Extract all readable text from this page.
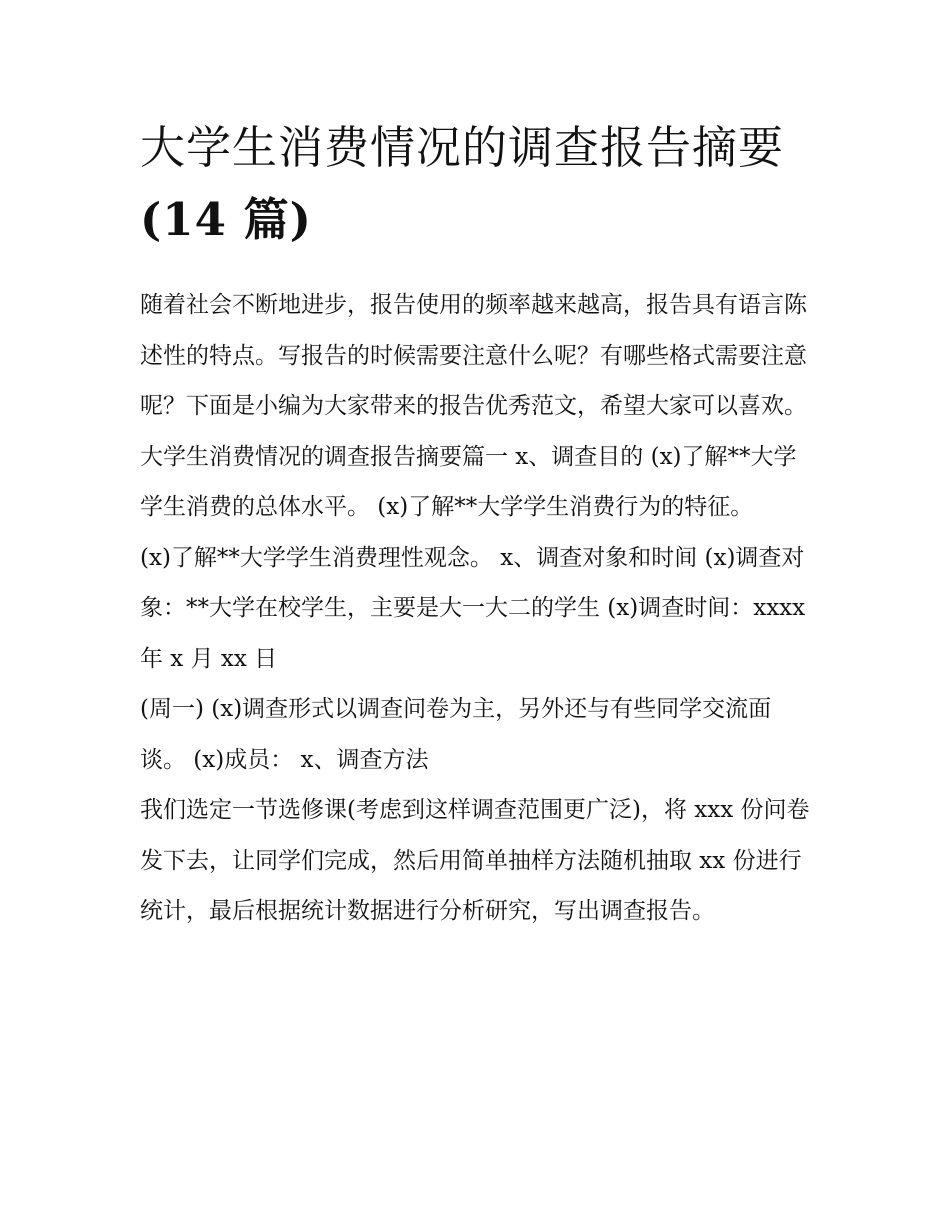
大学生消费情况的调查报告摘要(14 篇)

随着社会不断地进步，报告使用的频率越来越高，报告具有语言陈述性的特点。写报告的时候需要注意什么呢？有哪些格式需要注意呢？下面是小编为大家带来的报告优秀范文，希望大家可以喜欢。

大学生消费情况的调查报告摘要篇一 x、调查目的 (x)了解**大学学生消费的总体水平。 (x)了解**大学学生消费行为的特征。

(x)了解**大学学生消费理性观念。 x、调查对象和时间 (x)调查对象：**大学在校学生，主要是大一大二的学生 (x)调查时间：xxxx 年 x 月 xx 日

(周一) (x)调查形式以调查问卷为主，另外还与有些同学交流面谈。 (x)成员： x、调查方法

我们选定一节选修课(考虑到这样调查范围更广泛)，将 xxx 份问卷发下去，让同学们完成，然后用简单抽样方法随机抽取 xx 份进行统计，最后根据统计数据进行分析研究，写出调查报告。
